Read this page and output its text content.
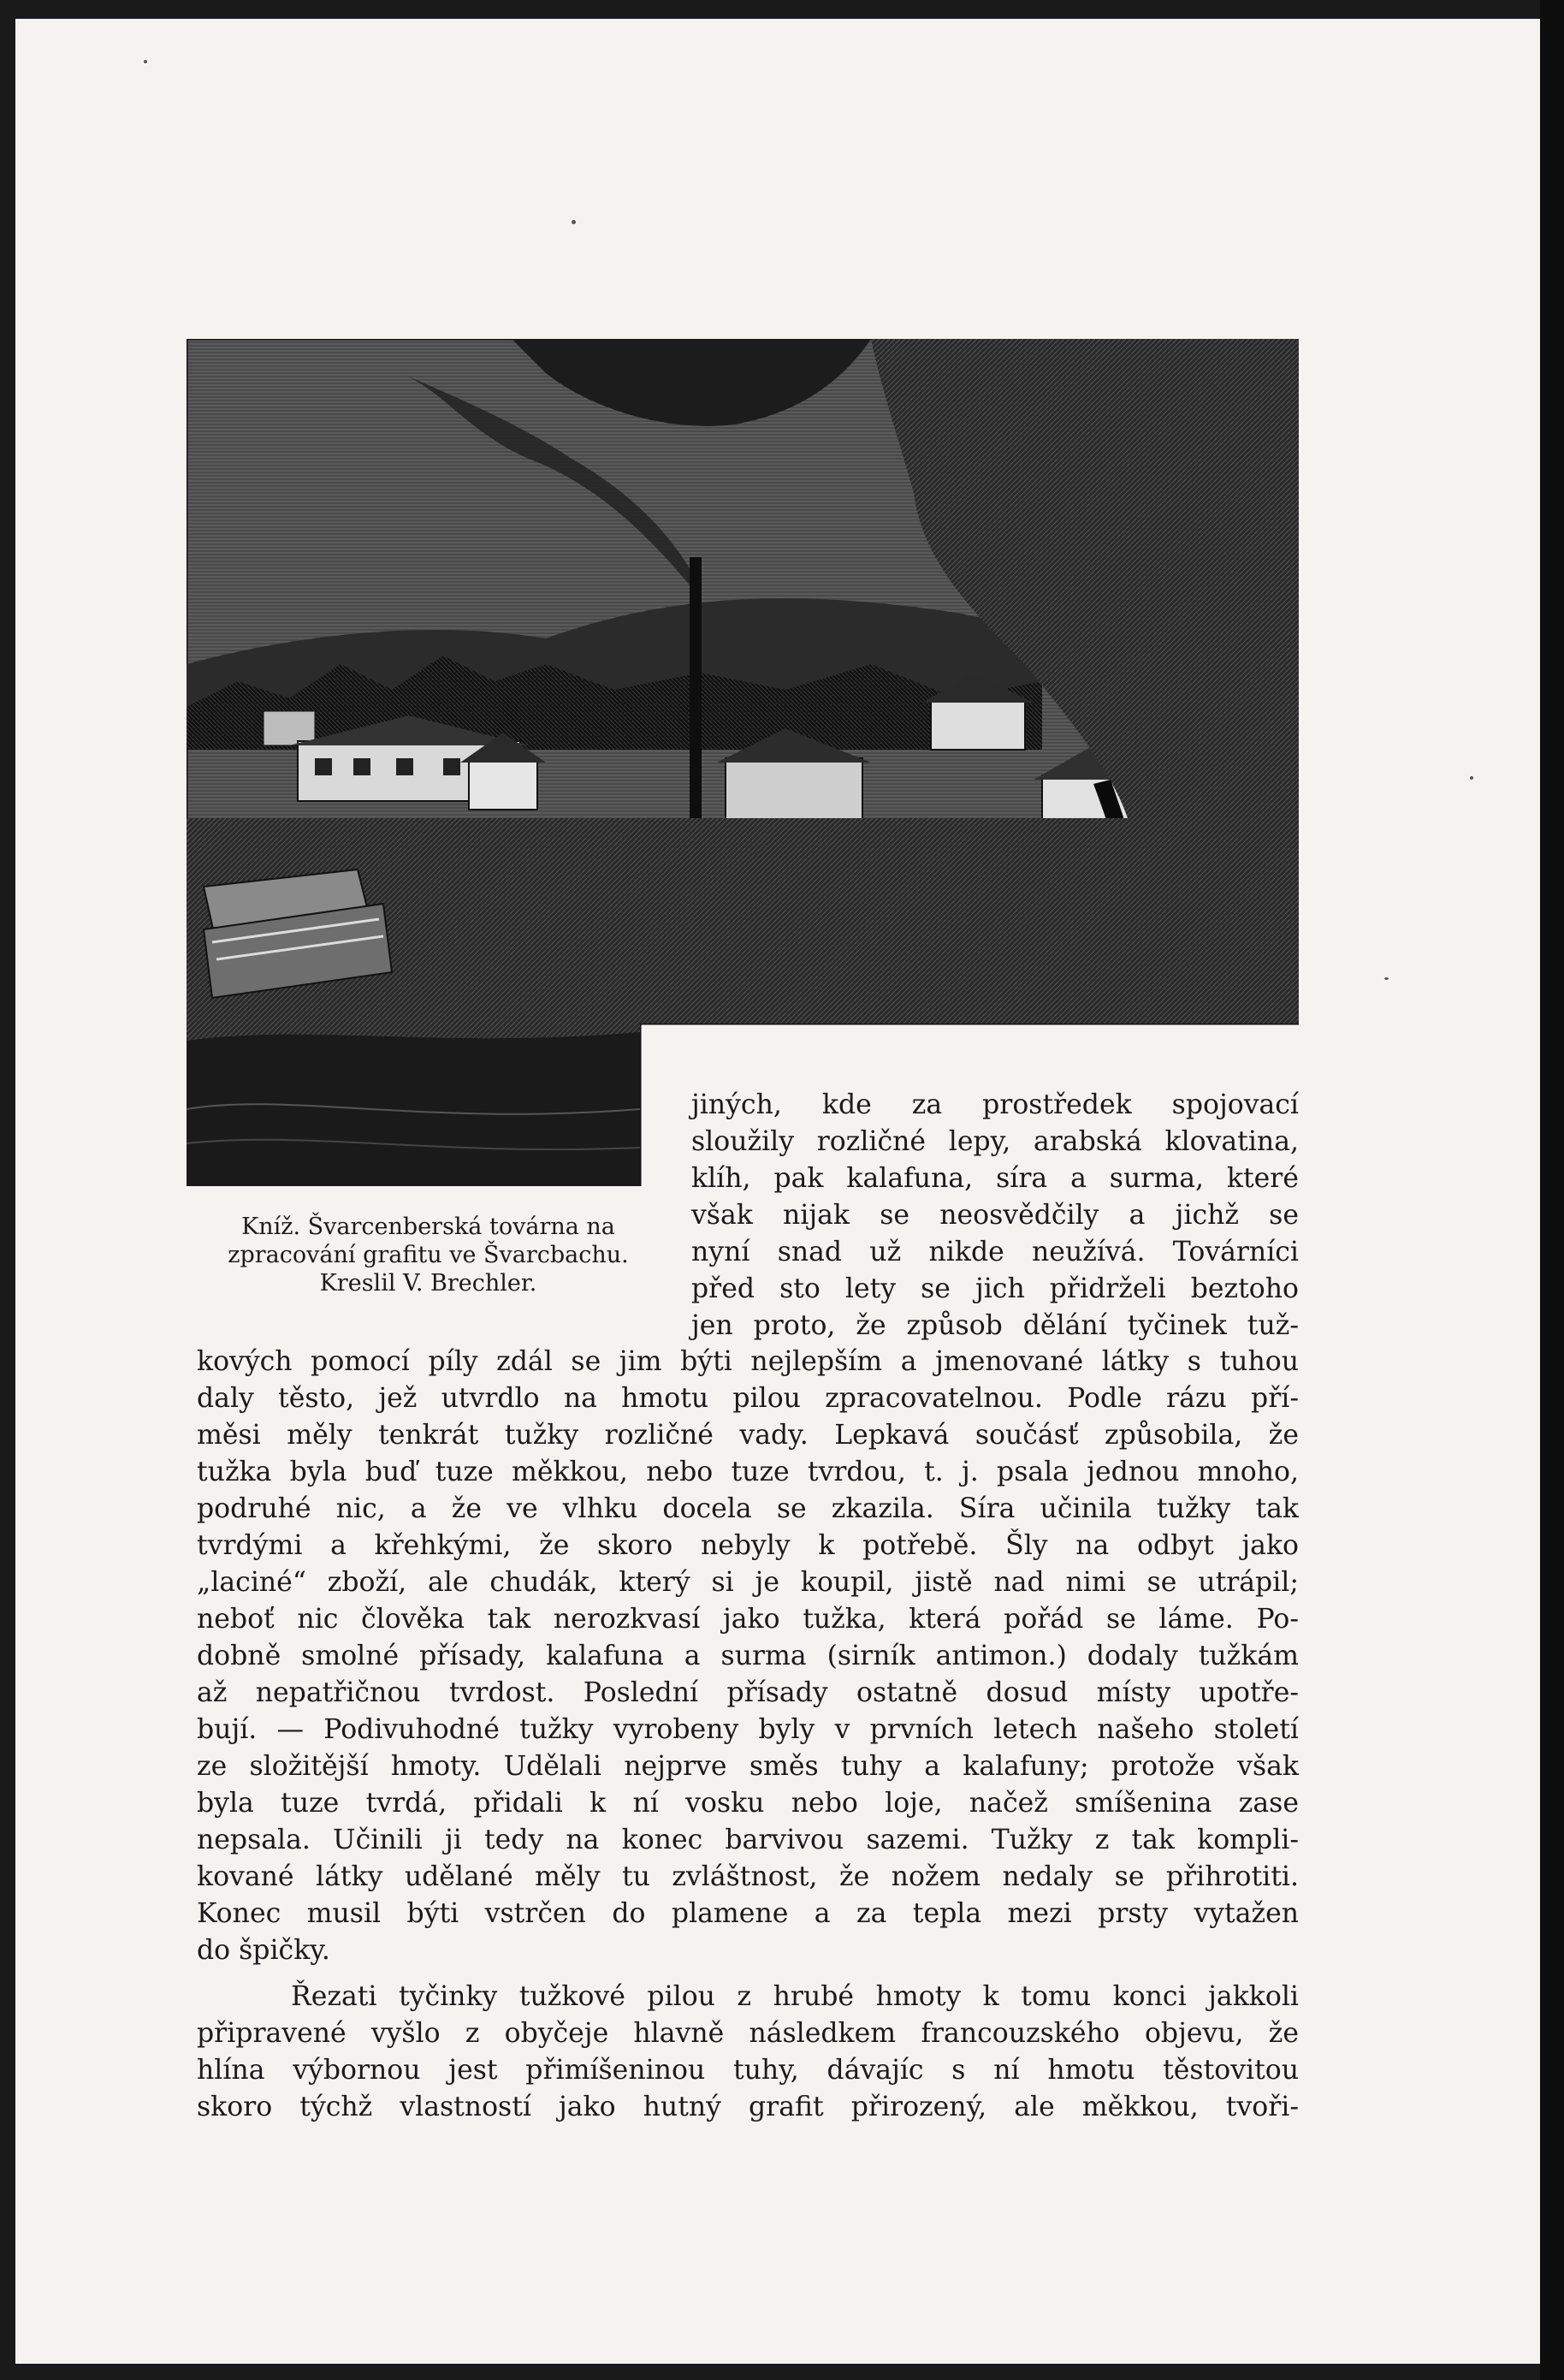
Kníž. Švarcenberská továrna na
zpracování grafitu ve Švarcbachu.
Kreslil V. Brechler.
jiných, kde za prostředek spojovací
sloužily rozličné lepy, arabská klovatina,
klíh, pak kalafuna, síra a surma, které
však nijak se neosvědčily a jichž se
nyní snad už nikde neužívá. Továrníci
před sto lety se jich přidrželi beztoho
jen proto, že způsob dělání tyčinek tuž-
kových pomocí píly zdál se jim býti nejlepším a jmenované látky s tuhou
daly těsto, jež utvrdlo na hmotu pilou zpracovatelnou. Podle rázu pří-
měsi měly tenkrát tužky rozličné vady. Lepkavá součásť způsobila, že
tužka byla buď tuze měkkou, nebo tuze tvrdou, t. j. psala jednou mnoho,
podruhé nic, a že ve vlhku docela se zkazila. Síra učinila tužky tak
tvrdými a křehkými, že skoro nebyly k potřebě. Šly na odbyt jako
„laciné“ zboží, ale chudák, který si je koupil, jistě nad nimi se utrápil;
neboť nic člověka tak nerozkvasí jako tužka, která pořád se láme. Po-
dobně smolné přísady, kalafuna a surma (sirník antimon.) dodaly tužkám
až nepatřičnou tvrdost. Poslední přísady ostatně dosud místy upotře-
bují. — Podivuhodné tužky vyrobeny byly v prvních letech našeho století
ze složitější hmoty. Udělali nejprve směs tuhy a kalafuny; protože však
byla tuze tvrdá, přidali k ní vosku nebo loje, načež smíšenina zase
nepsala. Učinili ji tedy na konec barvivou sazemi. Tužky z tak kompli-
kované látky udělané měly tu zvláštnost, že nožem nedaly se přihrotiti.
Konec musil býti vstrčen do plamene a za tepla mezi prsty vytažen
do špičky.
Řezati tyčinky tužkové pilou z hrubé hmoty k tomu konci jakkoli
připravené vyšlo z obyčeje hlavně následkem francouzského objevu, že
hlína výbornou jest přimíšeninou tuhy, dávajíc s ní hmotu těstovitou
skoro týchž vlastností jako hutný grafit přirozený, ale měkkou, tvoři-
